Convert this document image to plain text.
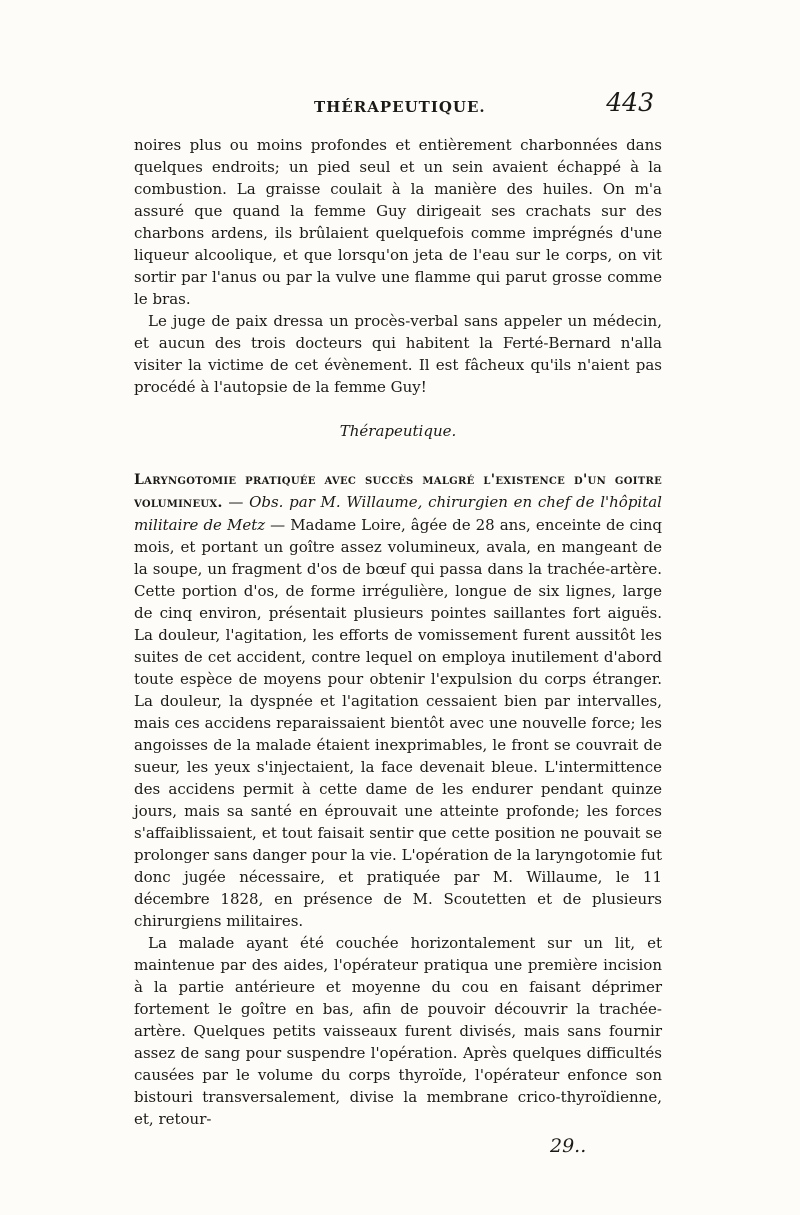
THÉRAPEUTIQUE.	443

noires plus ou moins profondes et entièrement charbonnées dans quelques endroits; un pied seul et un sein avaient échappé à la combustion. La graisse coulait à la manière des huiles. On m'a assuré que quand la femme Guy dirigeait ses crachats sur des charbons ardens, ils brûlaient quelquefois comme imprégnés d'une liqueur alcoolique, et que lorsqu'on jeta de l'eau sur le corps, on vit sortir par l'anus ou par la vulve une flamme qui parut grosse comme le bras.

Le juge de paix dressa un procès-verbal sans appeler un médecin, et aucun des trois docteurs qui habitent la Ferté-Bernard n'alla visiter la victime de cet évènement. Il est fâcheux qu'ils n'aient pas procédé à l'autopsie de la femme Guy!

Thérapeutique.

Laryngotomie pratiquée avec succès malgré l'existence d'un goitre volumineux. — Obs. par M. Willaume, chirurgien en chef de l'hôpital militaire de Metz — Madame Loire, âgée de 28 ans, enceinte de cinq mois, et portant un goître assez volumineux, avala, en mangeant de la soupe, un fragment d'os de bœuf qui passa dans la trachée-artère. Cette portion d'os, de forme irrégulière, longue de six lignes, large de cinq environ, présentait plusieurs pointes saillantes fort aiguës. La douleur, l'agitation, les efforts de vomissement furent aussitôt les suites de cet accident, contre lequel on employa inutilement d'abord toute espèce de moyens pour obtenir l'expulsion du corps étranger. La douleur, la dyspnée et l'agitation cessaient bien par intervalles, mais ces accidens reparaissaient bientôt avec une nouvelle force; les angoisses de la malade étaient inexprimables, le front se couvrait de sueur, les yeux s'injectaient, la face devenait bleue. L'intermittence des accidens permit à cette dame de les endurer pendant quinze jours, mais sa santé en éprouvait une atteinte profonde; les forces s'affaiblissaient, et tout faisait sentir que cette position ne pouvait se prolonger sans danger pour la vie. L'opération de la laryngotomie fut donc jugée nécessaire, et pratiquée par M. Willaume, le 11 décembre 1828, en présence de M. Scoutetten et de plusieurs chirurgiens militaires.

La malade ayant été couchée horizontalement sur un lit, et maintenue par des aides, l'opérateur pratiqua une première incision à la partie antérieure et moyenne du cou en faisant déprimer fortement le goître en bas, afin de pouvoir découvrir la trachée-artère. Quelques petits vaisseaux furent divisés, mais sans fournir assez de sang pour suspendre l'opération. Après quelques difficultés causées par le volume du corps thyroïde, l'opérateur enfonce son bistouri transversalement, divise la membrane crico-thyroïdienne, et, retour-

29..
